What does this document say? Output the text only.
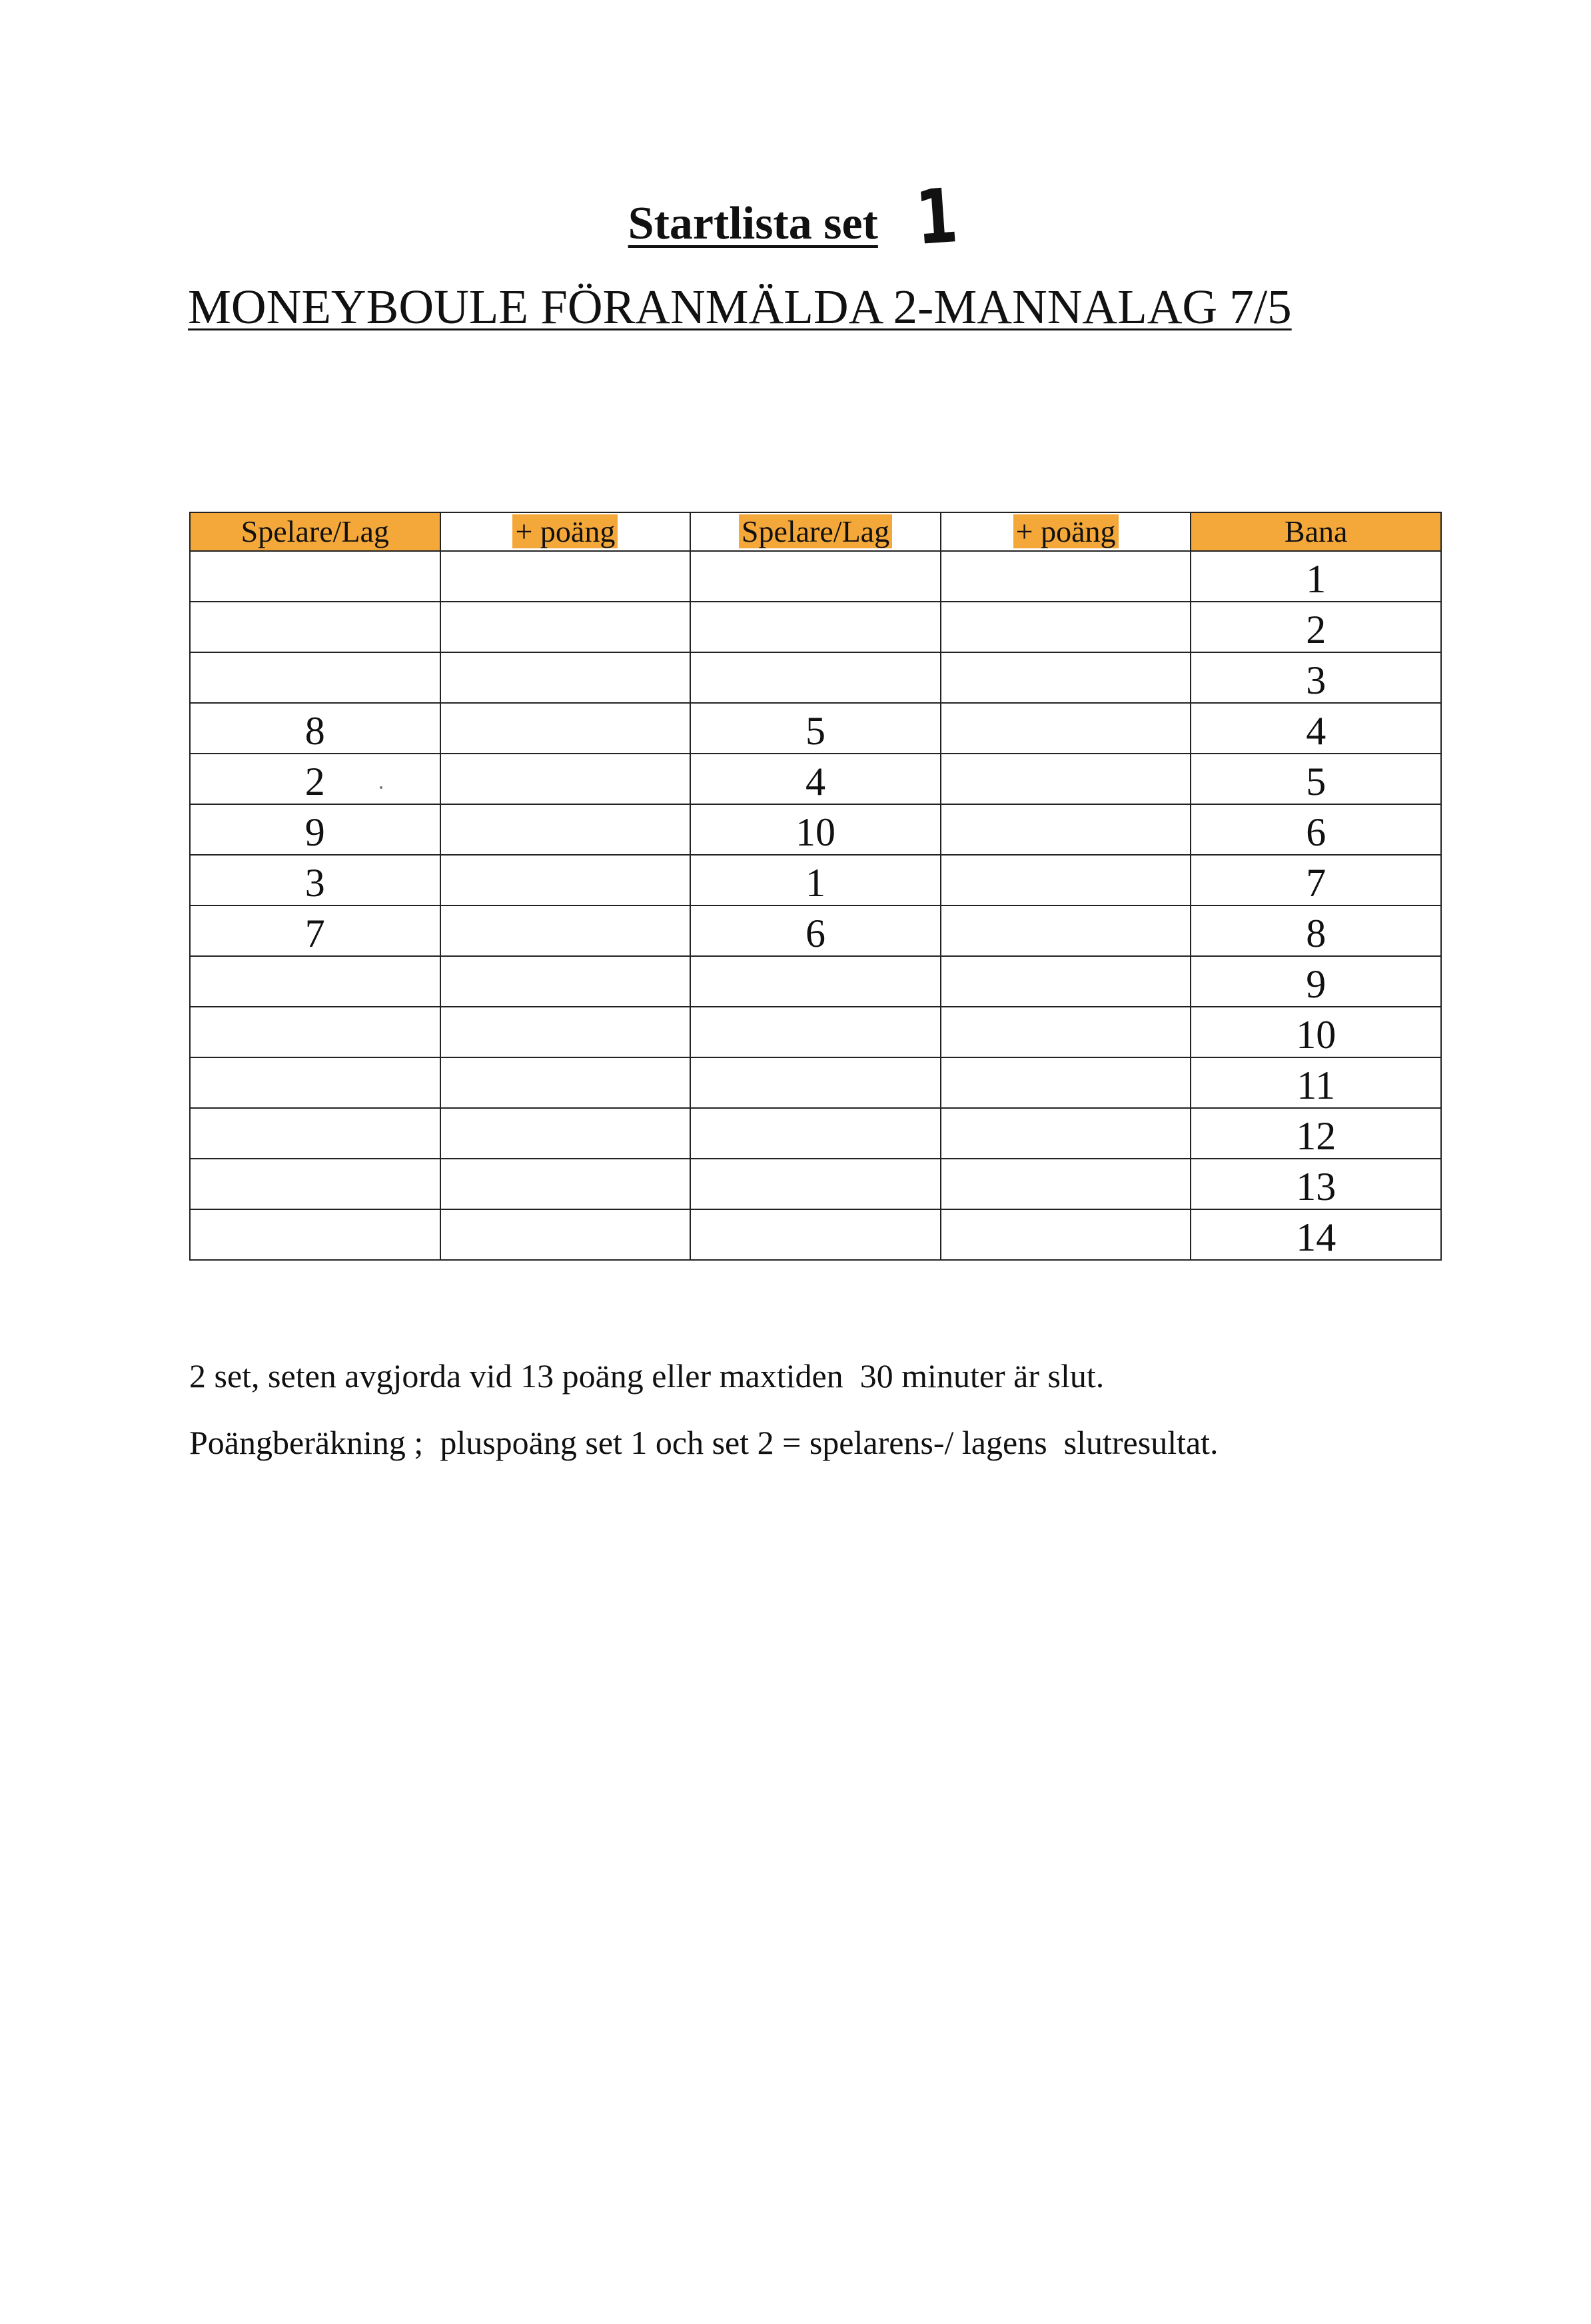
Startlista set 1
MONEYBOULE FÖRANMÄLDA 2-MANNALAG 7/5
Spelare/Lag	+ poäng	Spelare/Lag	+ poäng	Bana
				1
				2
				3
8		5		4
2		4		5
9		10		6
3		1		7
7		6		8
				9
				10
				11
				12
				13
				14
2 set, seten avgjorda vid 13 poäng eller maxtiden  30 minuter är slut.
Poängberäkning ;  pluspoäng set 1 och set 2 = spelarens-/ lagens  slutresultat.
